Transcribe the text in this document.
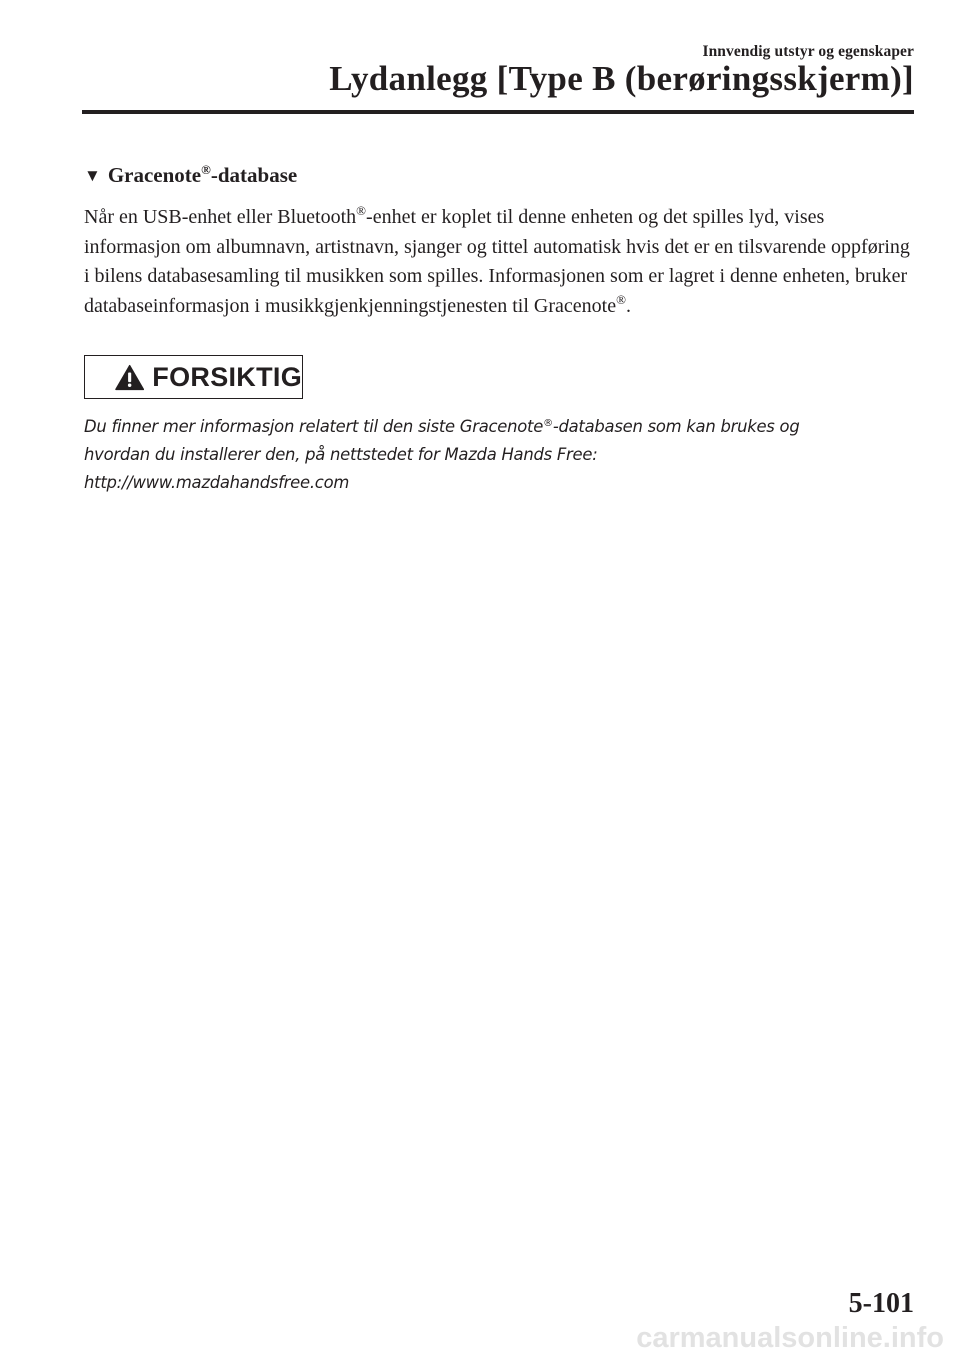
Innvendig utstyr og egenskaper
Lydanlegg [Type B (berøringsskjerm)]
▼ Gracenote®-database
Når en USB-enhet eller Bluetooth®-enhet er koplet til denne enheten og det spilles lyd, vises informasjon om albumnavn, artistnavn, sjanger og tittel automatisk hvis det er en tilsvarende oppføring i bilens databasesamling til musikken som spilles. Informasjonen som er lagret i denne enheten, bruker databaseinformasjon i musikkgjenkjenningstjenesten til Gracenote®.
FORSIKTIG
Du finner mer informasjon relatert til den siste Gracenote®-databasen som kan brukes og
hvordan du installerer den, på nettstedet for Mazda Hands Free:
http://www.mazdahandsfree.com
5-101
carmanualsonline.info
